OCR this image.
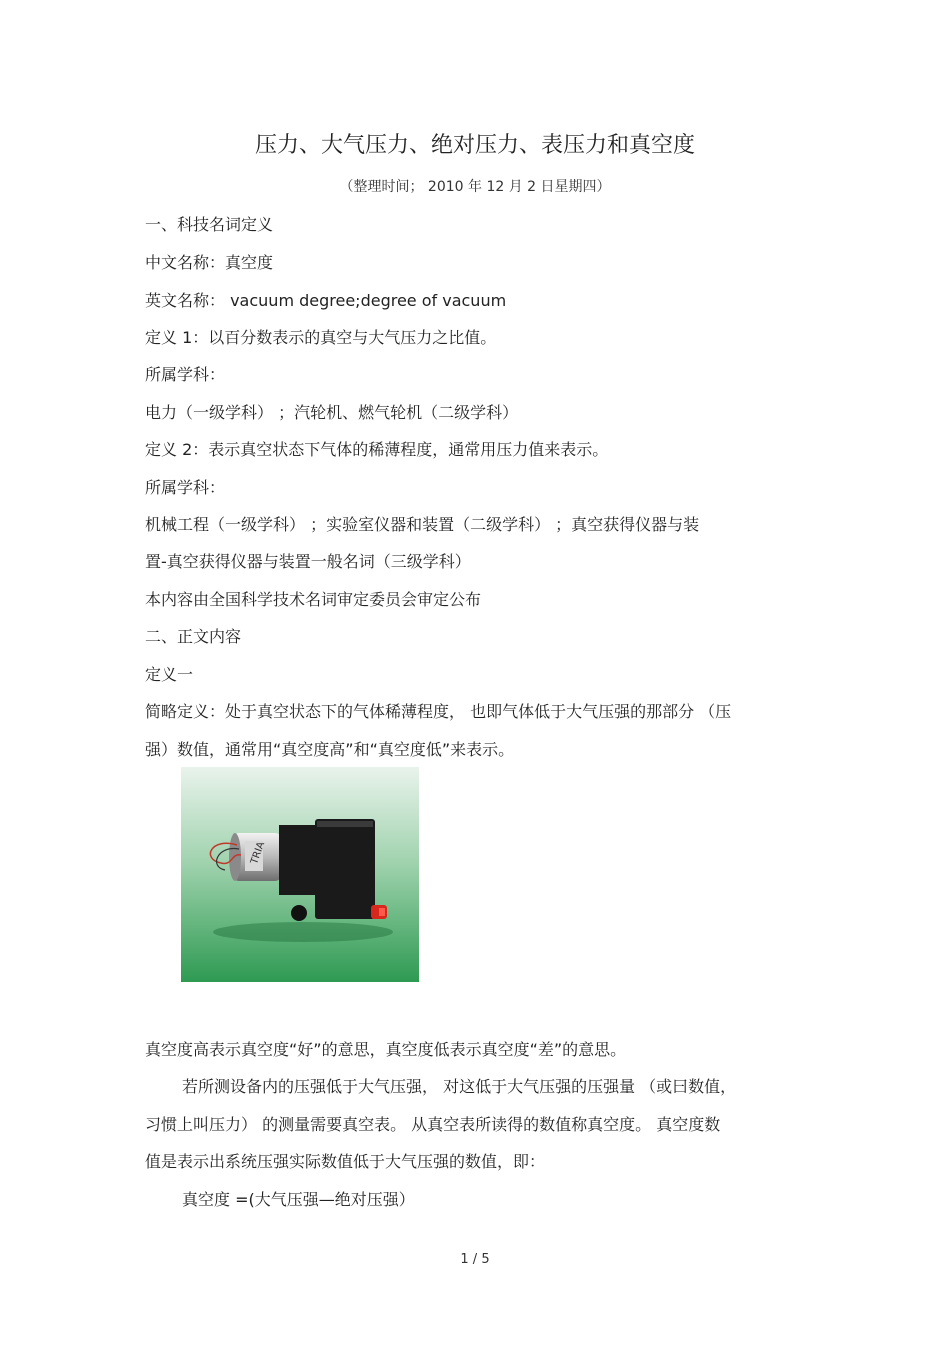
压力、大气压力、绝对压力、表压力和真空度
（整理时间； 2010 年 12 月 2 日星期四）
一、科技名词定义
中文名称：真空度
英文名称： vacuum degree;degree of vacuum
定义 1：以百分数表示的真空与大气压力之比值。
所属学科：
电力（一级学科） ；汽轮机、燃气轮机（二级学科）
定义 2：表示真空状态下气体的稀薄程度，通常用压力值来表示。
所属学科：
机械工程（一级学科） ；实验室仪器和装置（二级学科） ；真空获得仪器与装
置-真空获得仪器与装置一般名词（三级学科）
本内容由全国科学技术名词审定委员会审定公布
二、正文内容
定义一
简略定义：处于真空状态下的气体稀薄程度， 也即气体低于大气压强的那部分 （压
强）数值，通常用“真空度高”和“真空度低”来表示。
TRIA
真空度高表示真空度“好”的意思，真空度低表示真空度“差”的意思。
若所测设备内的压强低于大气压强， 对这低于大气压强的压强量 （或曰数值，
习惯上叫压力） 的测量需要真空表。 从真空表所读得的数值称真空度。 真空度数
值是表示出系统压强实际数值低于大气压强的数值，即：
真空度 =(大气压强—绝对压强）
1 / 5
